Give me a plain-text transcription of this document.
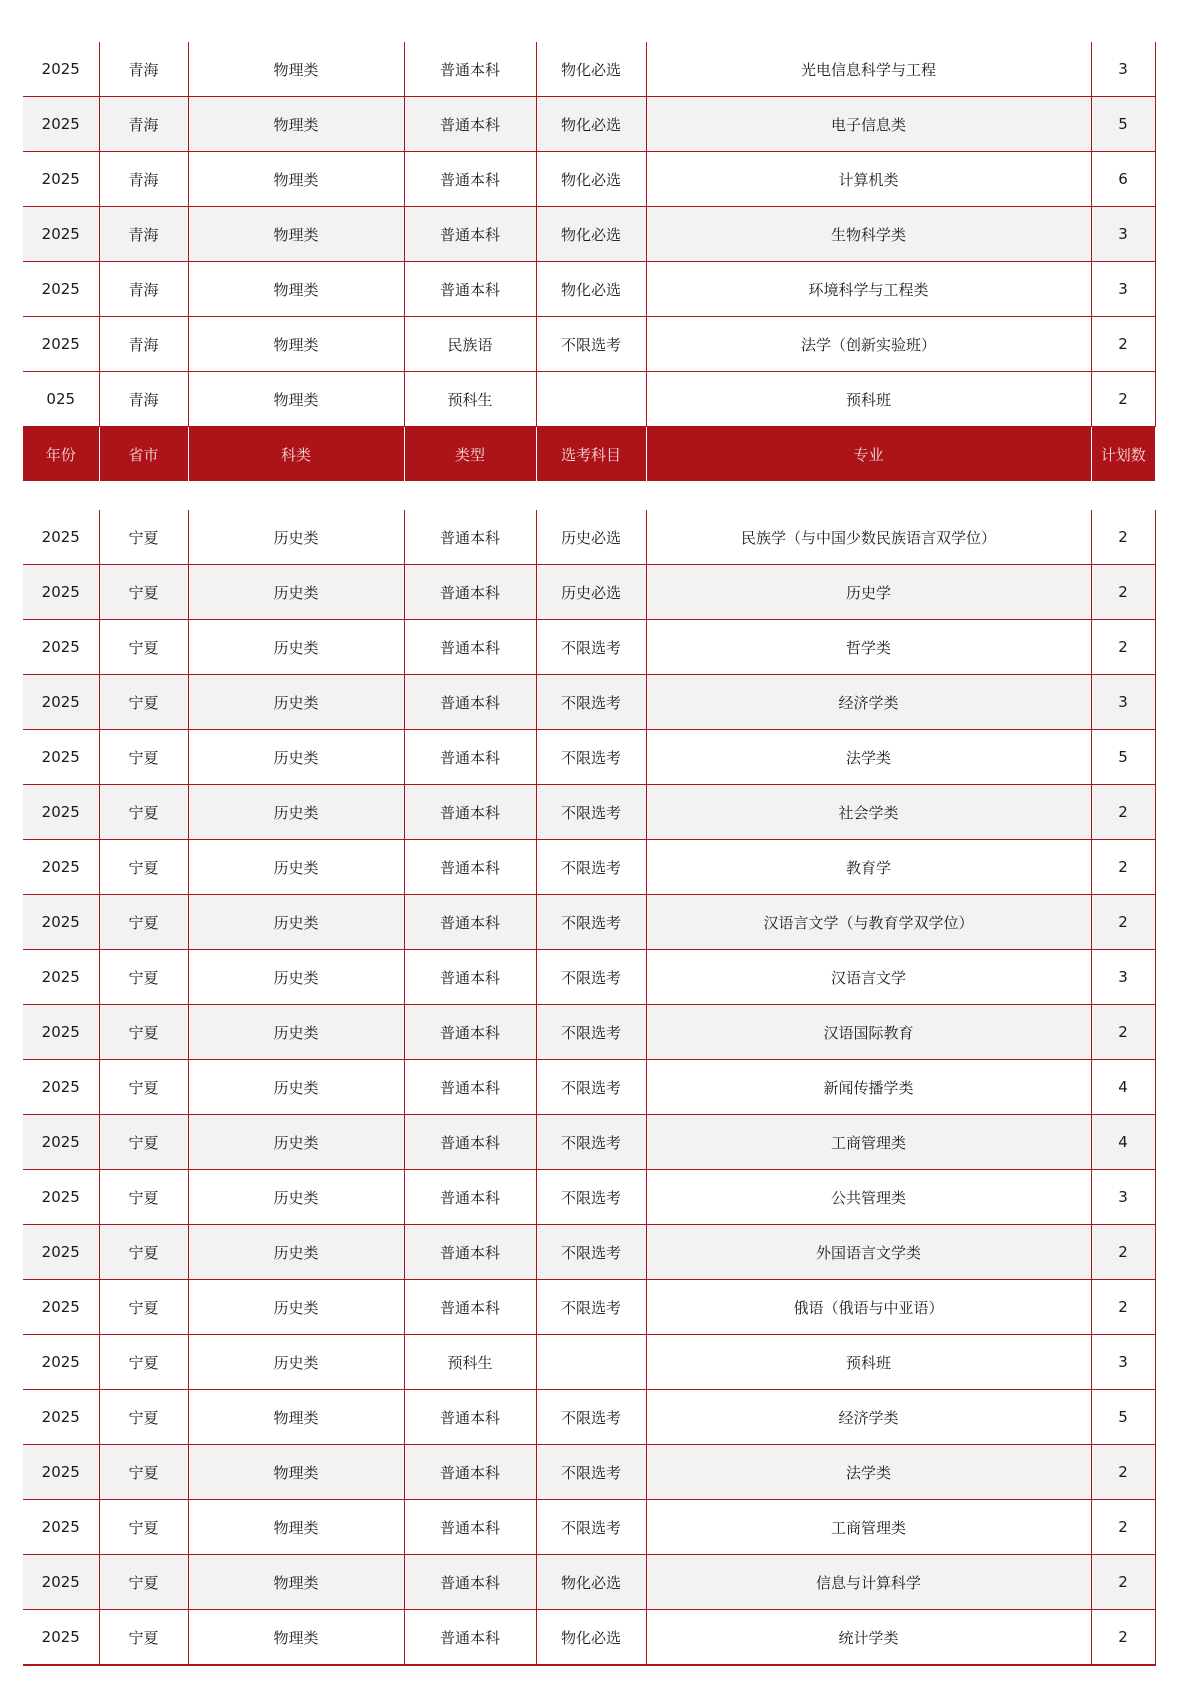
2025	青海	物理类	普通本科	物化必选	光电信息科学与工程	3
2025	青海	物理类	普通本科	物化必选	电子信息类	5
2025	青海	物理类	普通本科	物化必选	计算机类	6
2025	青海	物理类	普通本科	物化必选	生物科学类	3
2025	青海	物理类	普通本科	物化必选	环境科学与工程类	3
2025	青海	物理类	民族语	不限选考	法学（创新实验班）	2
025	青海	物理类	预科生		预科班	2
年份	省市	科类	类型	选考科目	专业	计划数
2025	宁夏	历史类	普通本科	历史必选	民族学（与中国少数民族语言双学位）	2
2025	宁夏	历史类	普通本科	历史必选	历史学	2
2025	宁夏	历史类	普通本科	不限选考	哲学类	2
2025	宁夏	历史类	普通本科	不限选考	经济学类	3
2025	宁夏	历史类	普通本科	不限选考	法学类	5
2025	宁夏	历史类	普通本科	不限选考	社会学类	2
2025	宁夏	历史类	普通本科	不限选考	教育学	2
2025	宁夏	历史类	普通本科	不限选考	汉语言文学（与教育学双学位）	2
2025	宁夏	历史类	普通本科	不限选考	汉语言文学	3
2025	宁夏	历史类	普通本科	不限选考	汉语国际教育	2
2025	宁夏	历史类	普通本科	不限选考	新闻传播学类	4
2025	宁夏	历史类	普通本科	不限选考	工商管理类	4
2025	宁夏	历史类	普通本科	不限选考	公共管理类	3
2025	宁夏	历史类	普通本科	不限选考	外国语言文学类	2
2025	宁夏	历史类	普通本科	不限选考	俄语（俄语与中亚语）	2
2025	宁夏	历史类	预科生		预科班	3
2025	宁夏	物理类	普通本科	不限选考	经济学类	5
2025	宁夏	物理类	普通本科	不限选考	法学类	2
2025	宁夏	物理类	普通本科	不限选考	工商管理类	2
2025	宁夏	物理类	普通本科	物化必选	信息与计算科学	2
2025	宁夏	物理类	普通本科	物化必选	统计学类	2
